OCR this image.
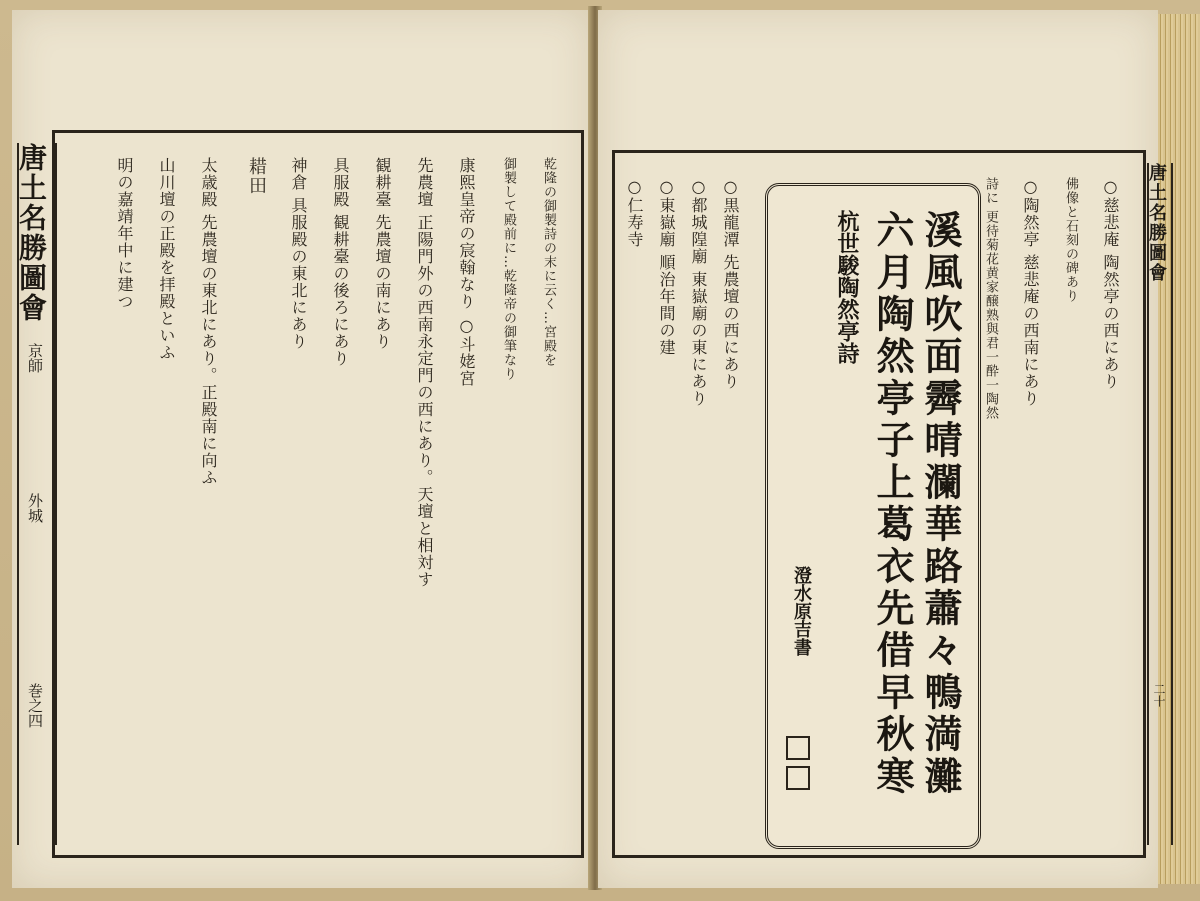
唐土名勝圖會
京師
外城
巻之四
乾隆の御製詩の末に云く…宮殿を
御製して殿前に…乾隆帝の御筆なり
康熙皇帝の宸翰なり ○斗姥宮
先農壇 正陽門外の西南永定門の西にあり。天壇と相対す
観耕臺 先農壇の南にあり
具服殿 観耕臺の後ろにあり
神倉 具服殿の東北にあり
耤田
太歳殿 先農壇の東北にあり。正殿南に向ふ
山川壇の正殿を拝殿といふ
明の嘉靖年中に建つ	唐土名勝圖會
二十
○慈悲庵 陶然亭の西にあり
佛像と石刻の碑あり
○陶然亭 慈悲庵の西南にあり
詩に 更待菊花黄家醸熟與君一酔一陶然
溪風吹面霽晴瀾華路蕭々鴨満灘
六月陶然亭子上葛衣先借早秋寒
杭世駿陶然亭詩
澄水原吉書
○黒龍潭 先農壇の西にあり
○都城隍廟 東嶽廟の東にあり
○東嶽廟 順治年間の建
○仁寿寺
